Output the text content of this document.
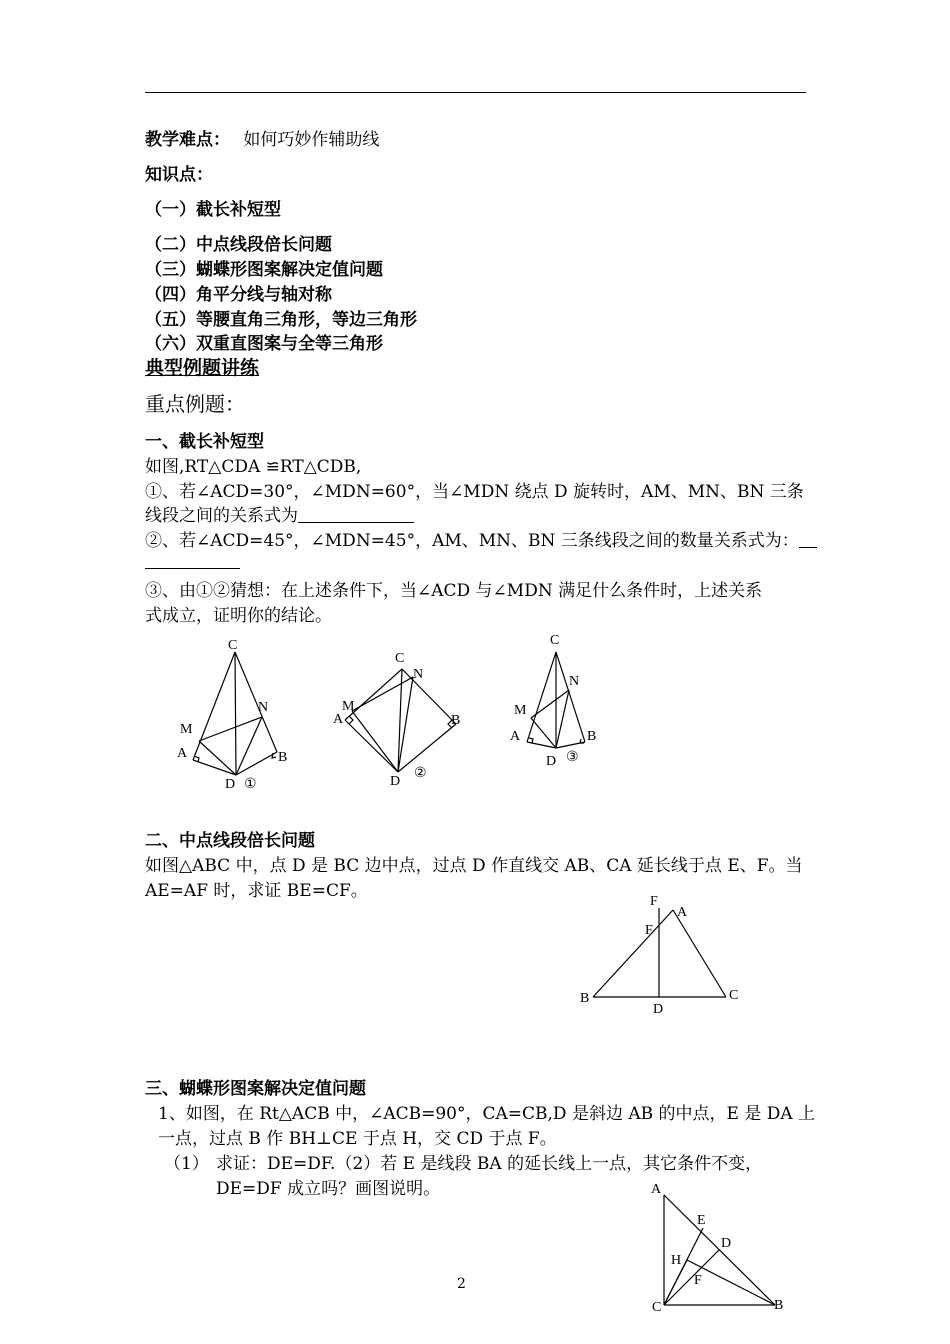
教学难点： 如何巧妙作辅助线
知识点：
（一）截长补短型
（二）中点线段倍长问题
（三）蝴蝶形图案解决定值问题
（四）角平分线与轴对称
（五）等腰直角三角形，等边三角形
（六）双重直图案与全等三角形
典型例题讲练
重点例题：
一、截长补短型
如图,RT△CDA ≌RT△CDB,
①、若∠ACD=30°，∠MDN=60°，当∠MDN 绕点 D 旋转时，AM、MN、BN 三条
线段之间的关系式为
②、若∠ACD=45°，∠MDN=45°，AM、MN、BN 三条线段之间的数量关系式为：
③、由①②猜想：在上述条件下，当∠ACD 与∠MDN 满足什么条件时，上述关系
式成立，证明你的结论。
C
N
M
A	B
D ①
C
N
M
A	B
D
②
C
N
M
A	B
D ③
二、中点线段倍长问题
如图△ABC 中，点 D 是 BC 边中点，过点 D 作直线交 AB、CA 延长线于点 E、F。当
AE=AF 时，求证 BE=CF。
F
A
F
B	C
D
三、蝴蝶形图案解决定值问题
1、如图，在 Rt△ACB 中，∠ACB=90°，CA=CB,D 是斜边 AB 的中点，E 是 DA 上
一点，过点 B 作 BH⊥CE 于点 H，交 CD 于点 F。
（1） 求证：DE=DF.（2）若 E 是线段 BA 的延长线上一点，其它条件不变，
DE=DF 成立吗？画图说明。	A
E
D
H
F
C	B
2
